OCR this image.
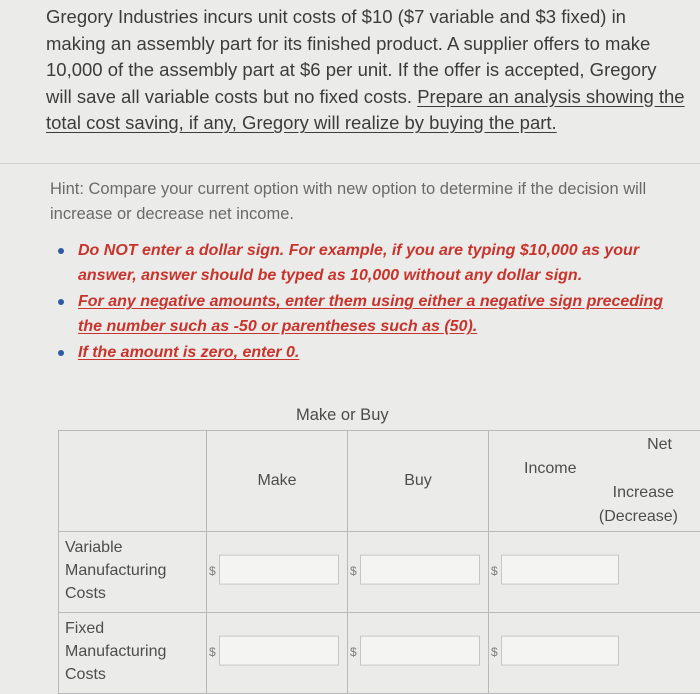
Gregory Industries incurs unit costs of $10 ($7 variable and $3 fixed) in making an assembly part for its finished product. A supplier offers to make 10,000 of the assembly part at $6 per unit. If the offer is accepted, Gregory will save all variable costs but no fixed costs. Prepare an analysis showing the total cost saving, if any, Gregory will realize by buying the part.
Hint: Compare your current option with new option to determine if the decision will increase or decrease net income.
Do NOT enter a dollar sign. For example, if you are typing $10,000 as your answer, answer should be typed as 10,000 without any dollar sign.
For any negative amounts, enter them using either a negative sign preceding the number such as -50 or parentheses such as (50).
If the amount is zero, enter 0.
Make or Buy
	Make	Buy	Net
Income
Increase
(Decrease)

Variable Manufacturing Costs	$	$	$

Fixed Manufacturing Costs	$	$	$
